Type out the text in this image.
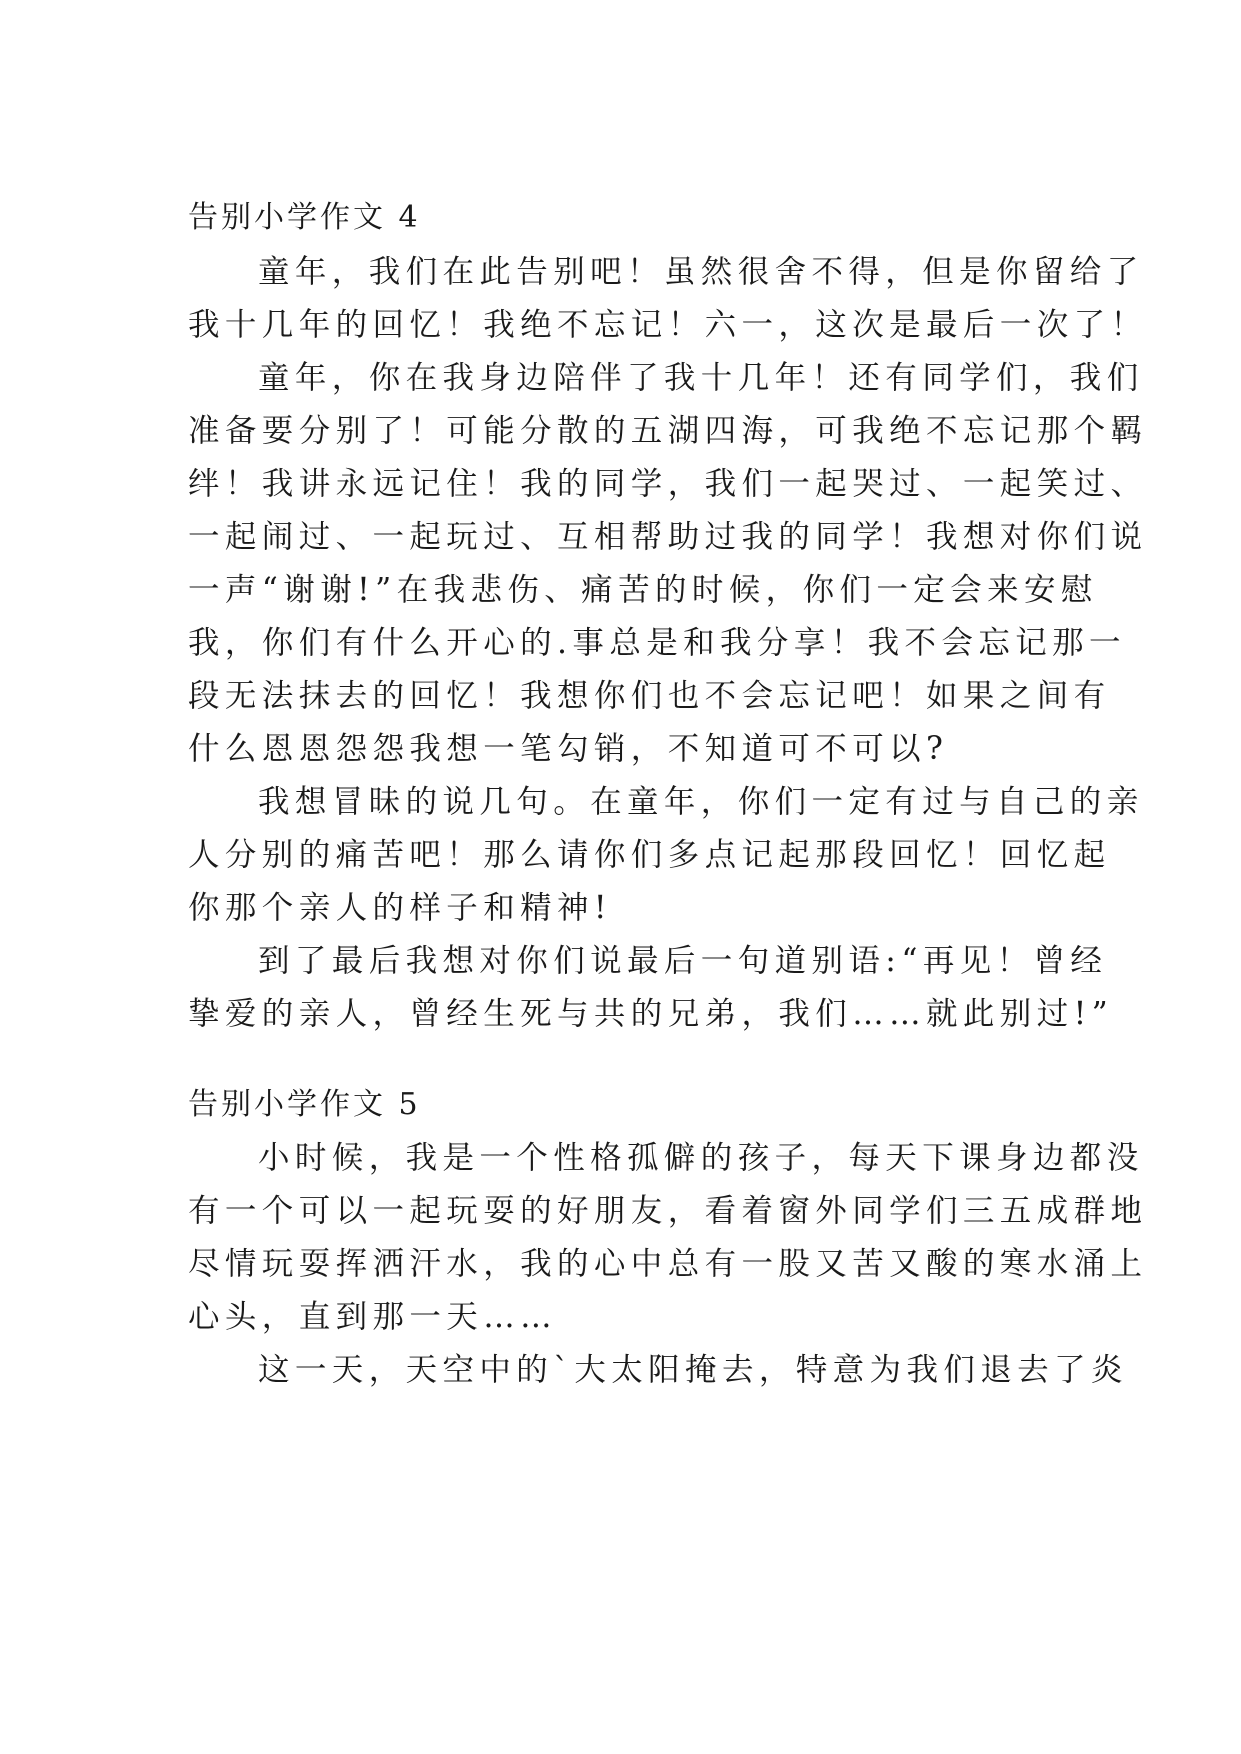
告别小学作文 4
童年，我们在此告别吧！虽然很舍不得，但是你留给了
我十几年的回忆！我绝不忘记！六一，这次是最后一次了！
童年，你在我身边陪伴了我十几年！还有同学们，我们
准备要分别了！可能分散的五湖四海，可我绝不忘记那个羁
绊！我讲永远记住！我的同学，我们一起哭过、一起笑过、
一起闹过、一起玩过、互相帮助过我的同学！我想对你们说
一声“谢谢!”在我悲伤、痛苦的时候，你们一定会来安慰
我，你们有什么开心的.事总是和我分享！我不会忘记那一
段无法抹去的回忆！我想你们也不会忘记吧！如果之间有
什么恩恩怨怨我想一笔勾销，不知道可不可以?
我想冒昧的说几句。在童年，你们一定有过与自己的亲
人分别的痛苦吧！那么请你们多点记起那段回忆！回忆起
你那个亲人的样子和精神!
到了最后我想对你们说最后一句道别语:“再见！曾经
挚爱的亲人，曾经生死与共的兄弟，我们……就此别过!”
告别小学作文 5
小时候，我是一个性格孤僻的孩子，每天下课身边都没
有一个可以一起玩耍的好朋友，看着窗外同学们三五成群地
尽情玩耍挥洒汗水，我的心中总有一股又苦又酸的寒水涌上
心头，直到那一天……
这一天，天空中的`大太阳掩去，特意为我们退去了炎
